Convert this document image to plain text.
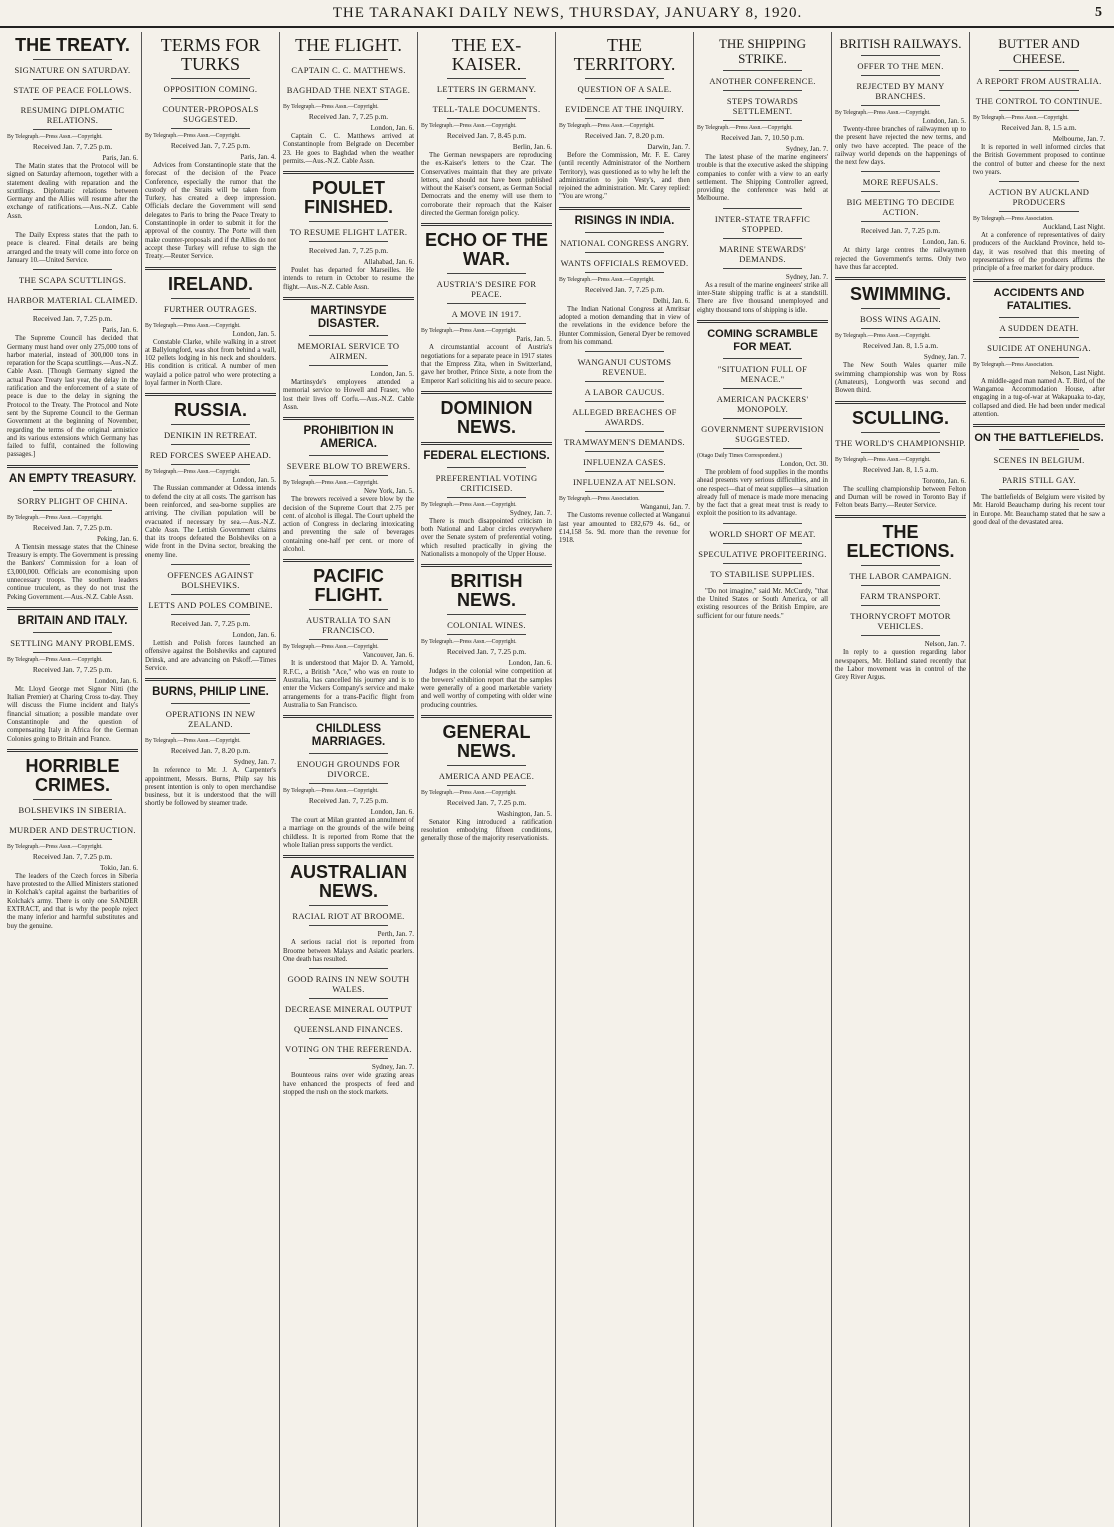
THE TARANAKI DAILY NEWS, THURSDAY, JANUARY 8, 1920.	5
THE TREATY.
SIGNATURE ON SATURDAY.
STATE OF PEACE FOLLOWS.
RESUMING DIPLOMATIC RELATIONS.
By Telegraph.—Press Assn.—Copyright.
Received Jan. 7, 7.25 p.m.
Paris, Jan. 6.

The Matin states that the Protocol will be signed on Saturday afternoon, together with a statement dealing with reparation and the scuttlings. Diplomatic relations between Germany and the Allies will resume after the exchange of ratifications.—Aus.-N.Z. Cable Assn.

London, Jan. 6.

The Daily Express states that the path to peace is cleared. Final details are being arranged and the treaty will come into force on January 10.—United Service.

THE SCAPA SCUTTLINGS.
HARBOR MATERIAL CLAIMED.
Received Jan. 7, 7.25 p.m.
Paris, Jan. 6.

The Supreme Council has decided that Germany must hand over only 275,000 tons of harbor material, instead of 300,000 tons in reparation for the Scapa scuttlings.—Aus.-N.Z. Cable Assn. [Though Germany signed the actual Peace Treaty last year, the delay in the ratification and the enforcement of a state of peace is due to the delay in signing the Protocol to the Treaty. The Protocol and Note sent by the Supreme Council to the German Government at the beginning of November, regarding the terms of the original armistice and its various extensions which Germany has failed to fulfil, contained the following passages.]

AN EMPTY TREASURY.
SORRY PLIGHT OF CHINA.
By Telegraph.—Press Assn.—Copyright.
Received Jan. 7, 7.25 p.m.
Peking, Jan. 6.

A Tientsin message states that the Chinese Treasury is empty. The Government is pressing the Bankers' Commission for a loan of £3,000,000. Officials are economising upon unnecessary troops. The southern leaders continue truculent, as they do not trust the Peking Government.—Aus.-N.Z. Cable Assn.

BRITAIN AND ITALY.
SETTLING MANY PROBLEMS.
By Telegraph.—Press Assn.—Copyright.
Received Jan. 7, 7.25 p.m.
London, Jan. 6.

Mr. Lloyd George met Signor Nitti (the Italian Premier) at Charing Cross to-day. They will discuss the Fiume incident and Italy's financial situation; a possible mandate over Constantinople and the question of compensating Italy in Africa for the German Colonies going to Britain and France.

HORRIBLE CRIMES.
BOLSHEVIKS IN SIBERIA.
MURDER AND DESTRUCTION.
By Telegraph.—Press Assn.—Copyright.
Received Jan. 7, 7.25 p.m.
Tokio, Jan. 6.

The leaders of the Czech forces in Siberia have protested to the Allied Ministers stationed in Kolchak's capital against the barbarities of Kolchak's army. There is only one SANDER EXTRACT, and that is why the people reject the many inferior and harmful substitutes and buy the genuine.

TERMS FOR TURKS
OPPOSITION COMING.
COUNTER-PROPOSALS SUGGESTED.
By Telegraph.—Press Assn.—Copyright.
Received Jan. 7, 7.25 p.m.
Paris, Jan. 4.

Advices from Constantinople state that the forecast of the decision of the Peace Conference, especially the rumor that the custody of the Straits will be taken from Turkey, has created a deep impression. Officials declare the Government will send delegates to Paris to bring the Peace Treaty to Constantinople in order to submit it for the approval of the country. The Porte will then make counter-proposals and if the Allies do not accept these Turkey will refuse to sign the Treaty.—Reuter Service.

IRELAND.
FURTHER OUTRAGES.
By Telegraph.—Press Assn.—Copyright.
London, Jan. 5.

Constable Clarke, while walking in a street at Ballylongford, was shot from behind a wall, 102 pellets lodging in his neck and shoulders. His condition is critical. A number of men waylaid a police patrol who were protecting a loyal farmer in North Clare.

RUSSIA.
DENIKIN IN RETREAT.
RED FORCES SWEEP AHEAD.
By Telegraph.—Press Assn.—Copyright.
London, Jan. 5.

The Russian commander at Odessa intends to defend the city at all costs. The garrison has been reinforced, and sea-borne supplies are arriving. The civilian population will be evacuated if necessary by sea.—Aus.-N.Z. Cable Assn. The Lettish Government claims that its troops defeated the Bolsheviks on a wide front in the Dvina sector, breaking the enemy line.

OFFENCES AGAINST BOLSHEVIKS.
LETTS AND POLES COMBINE.
Received Jan. 7, 7.25 p.m.
London, Jan. 6.

Lettish and Polish forces launched an offensive against the Bolsheviks and captured Drinsk, and are advancing on Pskoff.—Times Service.

BURNS, PHILIP LINE.
OPERATIONS IN NEW ZEALAND.
By Telegraph.—Press Assn.—Copyright.
Received Jan. 7, 8.20 p.m.
Sydney, Jan. 7.

In reference to Mr. J. A. Carpenter's appointment, Messrs. Burns, Philp say his present intention is only to open merchandise business, but it is understood that the will shortly be followed by steamer trade.

THE FLIGHT.
CAPTAIN C. C. MATTHEWS.
BAGHDAD THE NEXT STAGE.
By Telegraph.—Press Assn.—Copyright.
Received Jan. 7, 7.25 p.m.
London, Jan. 6.

Captain C. C. Matthews arrived at Constantinople from Belgrade on December 23. He goes to Baghdad when the weather permits.—Aus.-N.Z. Cable Assn.

POULET FINISHED.
TO RESUME FLIGHT LATER.
Received Jan. 7, 7.25 p.m.
Allahabad, Jan. 6.

Poulet has departed for Marseilles. He intends to return in October to resume the flight.—Aus.-N.Z. Cable Assn.

MARTINSYDE DISASTER.
MEMORIAL SERVICE TO AIRMEN.
London, Jan. 5.

Martinsyde's employees attended a memorial service to Howell and Fraser, who lost their lives off Corfu.—Aus.-N.Z. Cable Assn.

PROHIBITION IN AMERICA.
SEVERE BLOW TO BREWERS.
By Telegraph.—Press Assn.—Copyright.
New York, Jan. 5.

The brewers received a severe blow by the decision of the Supreme Court that 2.75 per cent. of alcohol is illegal. The Court upheld the action of Congress in declaring intoxicating and preventing the sale of beverages containing one-half per cent. or more of alcohol.

PACIFIC FLIGHT.
AUSTRALIA TO SAN FRANCISCO.
By Telegraph.—Press Assn.—Copyright.
Vancouver, Jan. 6.

It is understood that Major D. A. Yarnold, R.F.C., a British "Ace," who was en route to Australia, has cancelled his journey and is to enter the Vickers Company's service and make arrangements for a trans-Pacific flight from Australia to San Francisco.

CHILDLESS MARRIAGES.
ENOUGH GROUNDS FOR DIVORCE.
By Telegraph.—Press Assn.—Copyright.
Received Jan. 7, 7.25 p.m.
London, Jan. 6.

The court at Milan granted an annulment of a marriage on the grounds of the wife being childless. It is reported from Rome that the whole Italian press supports the verdict.

AUSTRALIAN NEWS.
RACIAL RIOT AT BROOME.
Perth, Jan. 7.

A serious racial riot is reported from Broome between Malays and Asiatic pearlers. One death has resulted.

GOOD RAINS IN NEW SOUTH WALES.
DECREASE MINERAL OUTPUT
QUEENSLAND FINANCES.
VOTING ON THE REFERENDA.
Sydney, Jan. 7.

Bounteous rains over wide grazing areas have enhanced the prospects of feed and stopped the rush on the stock markets.

THE EX-KAISER.
LETTERS IN GERMANY.
TELL-TALE DOCUMENTS.
By Telegraph.—Press Assn.—Copyright.
Received Jan. 7, 8.45 p.m.
Berlin, Jan. 6.

The German newspapers are reproducing the ex-Kaiser's letters to the Czar. The Conservatives maintain that they are private letters, and should not have been published without the Kaiser's consent, as German Social Democrats and the enemy will use them to corroborate their reproach that the Kaiser directed the German foreign policy.

ECHO OF THE WAR.
AUSTRIA'S DESIRE FOR PEACE.
A MOVE IN 1917.
By Telegraph.—Press Assn.—Copyright.
Paris, Jan. 5.

A circumstantial account of Austria's negotiations for a separate peace in 1917 states that the Empress Zita, when in Switzerland, gave her brother, Prince Sixte, a note from the Emperor Karl soliciting his aid to secure peace.

DOMINION NEWS.
FEDERAL ELECTIONS.
PREFERENTIAL VOTING CRITICISED.
By Telegraph.—Press Assn.—Copyright.
Sydney, Jan. 7.

There is much disappointed criticism in both National and Labor circles everywhere over the Senate system of preferential voting, which resulted practically in giving the Nationalists a monopoly of the Upper House.

BRITISH NEWS.
COLONIAL WINES.
By Telegraph.—Press Assn.—Copyright.
Received Jan. 7, 7.25 p.m.
London, Jan. 6.

Judges in the colonial wine competition at the brewers' exhibition report that the samples were generally of a good marketable variety and well worthy of competing with older wine producing countries.

GENERAL NEWS.
AMERICA AND PEACE.
By Telegraph.—Press Assn.—Copyright.
Received Jan. 7, 7.25 p.m.
Washington, Jan. 5.

Senator King introduced a ratification resolution embodying fifteen conditions, generally those of the majority reservationists.

THE TERRITORY.
QUESTION OF A SALE.
EVIDENCE AT THE INQUIRY.
By Telegraph.—Press Assn.—Copyright.
Received Jan. 7, 8.20 p.m.
Darwin, Jan. 7.

Before the Commission, Mr. F. E. Carey (until recently Administrator of the Northern Territory), was questioned as to why he left the administration to join Vesty's, and then rejoined the administration. Mr. Carey replied: "You are wrong."

RISINGS IN INDIA.
NATIONAL CONGRESS ANGRY.
WANTS OFFICIALS REMOVED.
By Telegraph.—Press Assn.—Copyright.
Received Jan. 7, 7.25 p.m.
Delhi, Jan. 6.

The Indian National Congress at Amritsar adopted a motion demanding that in view of the revelations in the evidence before the Hunter Commission, General Dyer be removed from his command.

WANGANUI CUSTOMS REVENUE.
A LABOR CAUCUS.
ALLEGED BREACHES OF AWARDS.
TRAMWAYMEN'S DEMANDS.
INFLUENZA CASES.
INFLUENZA AT NELSON.
By Telegraph.—Press Association.
Wanganui, Jan. 7.

The Customs revenue collected at Wanganui last year amounted to £82,679 4s. 6d., or £14,158 5s. 9d. more than the revenue for 1918.

THE SHIPPING STRIKE.
ANOTHER CONFERENCE.
STEPS TOWARDS SETTLEMENT.
By Telegraph.—Press Assn.—Copyright.
Received Jan. 7, 10.50 p.m.
Sydney, Jan. 7.

The latest phase of the marine engineers' trouble is that the executive asked the shipping companies to confer with a view to an early settlement. The Shipping Controller agreed, providing the conference was held at Melbourne.

INTER-STATE TRAFFIC STOPPED.
MARINE STEWARDS' DEMANDS.
Sydney, Jan. 7.

As a result of the marine engineers' strike all inter-State shipping traffic is at a standstill. There are five thousand unemployed and eighty thousand tons of shipping is idle.

COMING SCRAMBLE FOR MEAT.
"SITUATION FULL OF MENACE."
AMERICAN PACKERS' MONOPOLY.
GOVERNMENT SUPERVISION SUGGESTED.
(Otago Daily Times Correspondent.)
London, Oct. 30.

The problem of food supplies in the months ahead presents very serious difficulties, and in one respect—that of meat supplies—a situation already full of menace is made more menacing by the fact that a great meat trust is ready to exploit the position to its advantage.

WORLD SHORT OF MEAT.
SPECULATIVE PROFITEERING.
TO STABILISE SUPPLIES.

"Do not imagine," said Mr. McCurdy, "that the United States or South America, or all existing resources of the British Empire, are sufficient for our future needs."

BRITISH RAILWAYS.
OFFER TO THE MEN.
REJECTED BY MANY BRANCHES.
By Telegraph.—Press Assn.—Copyright.
London, Jan. 5.

Twenty-three branches of railwaymen up to the present have rejected the new terms, and only two have accepted. The peace of the railway world depends on the happenings of the next few days.

MORE REFUSALS.
BIG MEETING TO DECIDE ACTION.
Received Jan. 7, 7.25 p.m.
London, Jan. 6.

At thirty large centres the railwaymen rejected the Government's terms. Only two have thus far accepted.

SWIMMING.
BOSS WINS AGAIN.
By Telegraph.—Press Assn.—Copyright.
Received Jan. 8, 1.5 a.m.
Sydney, Jan. 7.

The New South Wales quarter mile swimming championship was won by Ross (Amateurs), Longworth was second and Bowen third.

SCULLING.
THE WORLD'S CHAMPIONSHIP.
By Telegraph.—Press Assn.—Copyright.
Received Jan. 8, 1.5 a.m.
Toronto, Jan. 6.

The sculling championship between Felton and Durnan will be rowed in Toronto Bay if Felton beats Barry.—Reuter Service.

THE ELECTIONS.
THE LABOR CAMPAIGN.
FARM TRANSPORT.
THORNYCROFT MOTOR VEHICLES.
Nelson, Jan. 7.

In reply to a question regarding labor newspapers, Mr. Holland stated recently that the Labor movement was in control of the Grey River Argus.

BUTTER AND CHEESE.
A REPORT FROM AUSTRALIA.
THE CONTROL TO CONTINUE.
By Telegraph.—Press Assn.—Copyright.
Received Jan. 8, 1.5 a.m.
Melbourne, Jan. 7.

It is reported in well informed circles that the British Government proposed to continue the control of butter and cheese for the next two years.

ACTION BY AUCKLAND PRODUCERS
By Telegraph.—Press Association.
Auckland, Last Night.

At a conference of representatives of dairy producers of the Auckland Province, held to-day, it was resolved that this meeting of representatives of the producers affirms the principle of a free market for dairy produce.

ACCIDENTS AND FATALITIES.
A SUDDEN DEATH.
SUICIDE AT ONEHUNGA.
By Telegraph.—Press Association.
Nelson, Last Night.

A middle-aged man named A. T. Bird, of the Wangamoa Accommodation House, after engaging in a tug-of-war at Wakapuaka to-day, collapsed and died. He had been under medical attention.

ON THE BATTLEFIELDS.
SCENES IN BELGIUM.
PARIS STILL GAY.

The battlefields of Belgium were visited by Mr. Harold Beauchamp during his recent tour in Europe. Mr. Beauchamp stated that he saw a good deal of the devastated area.
